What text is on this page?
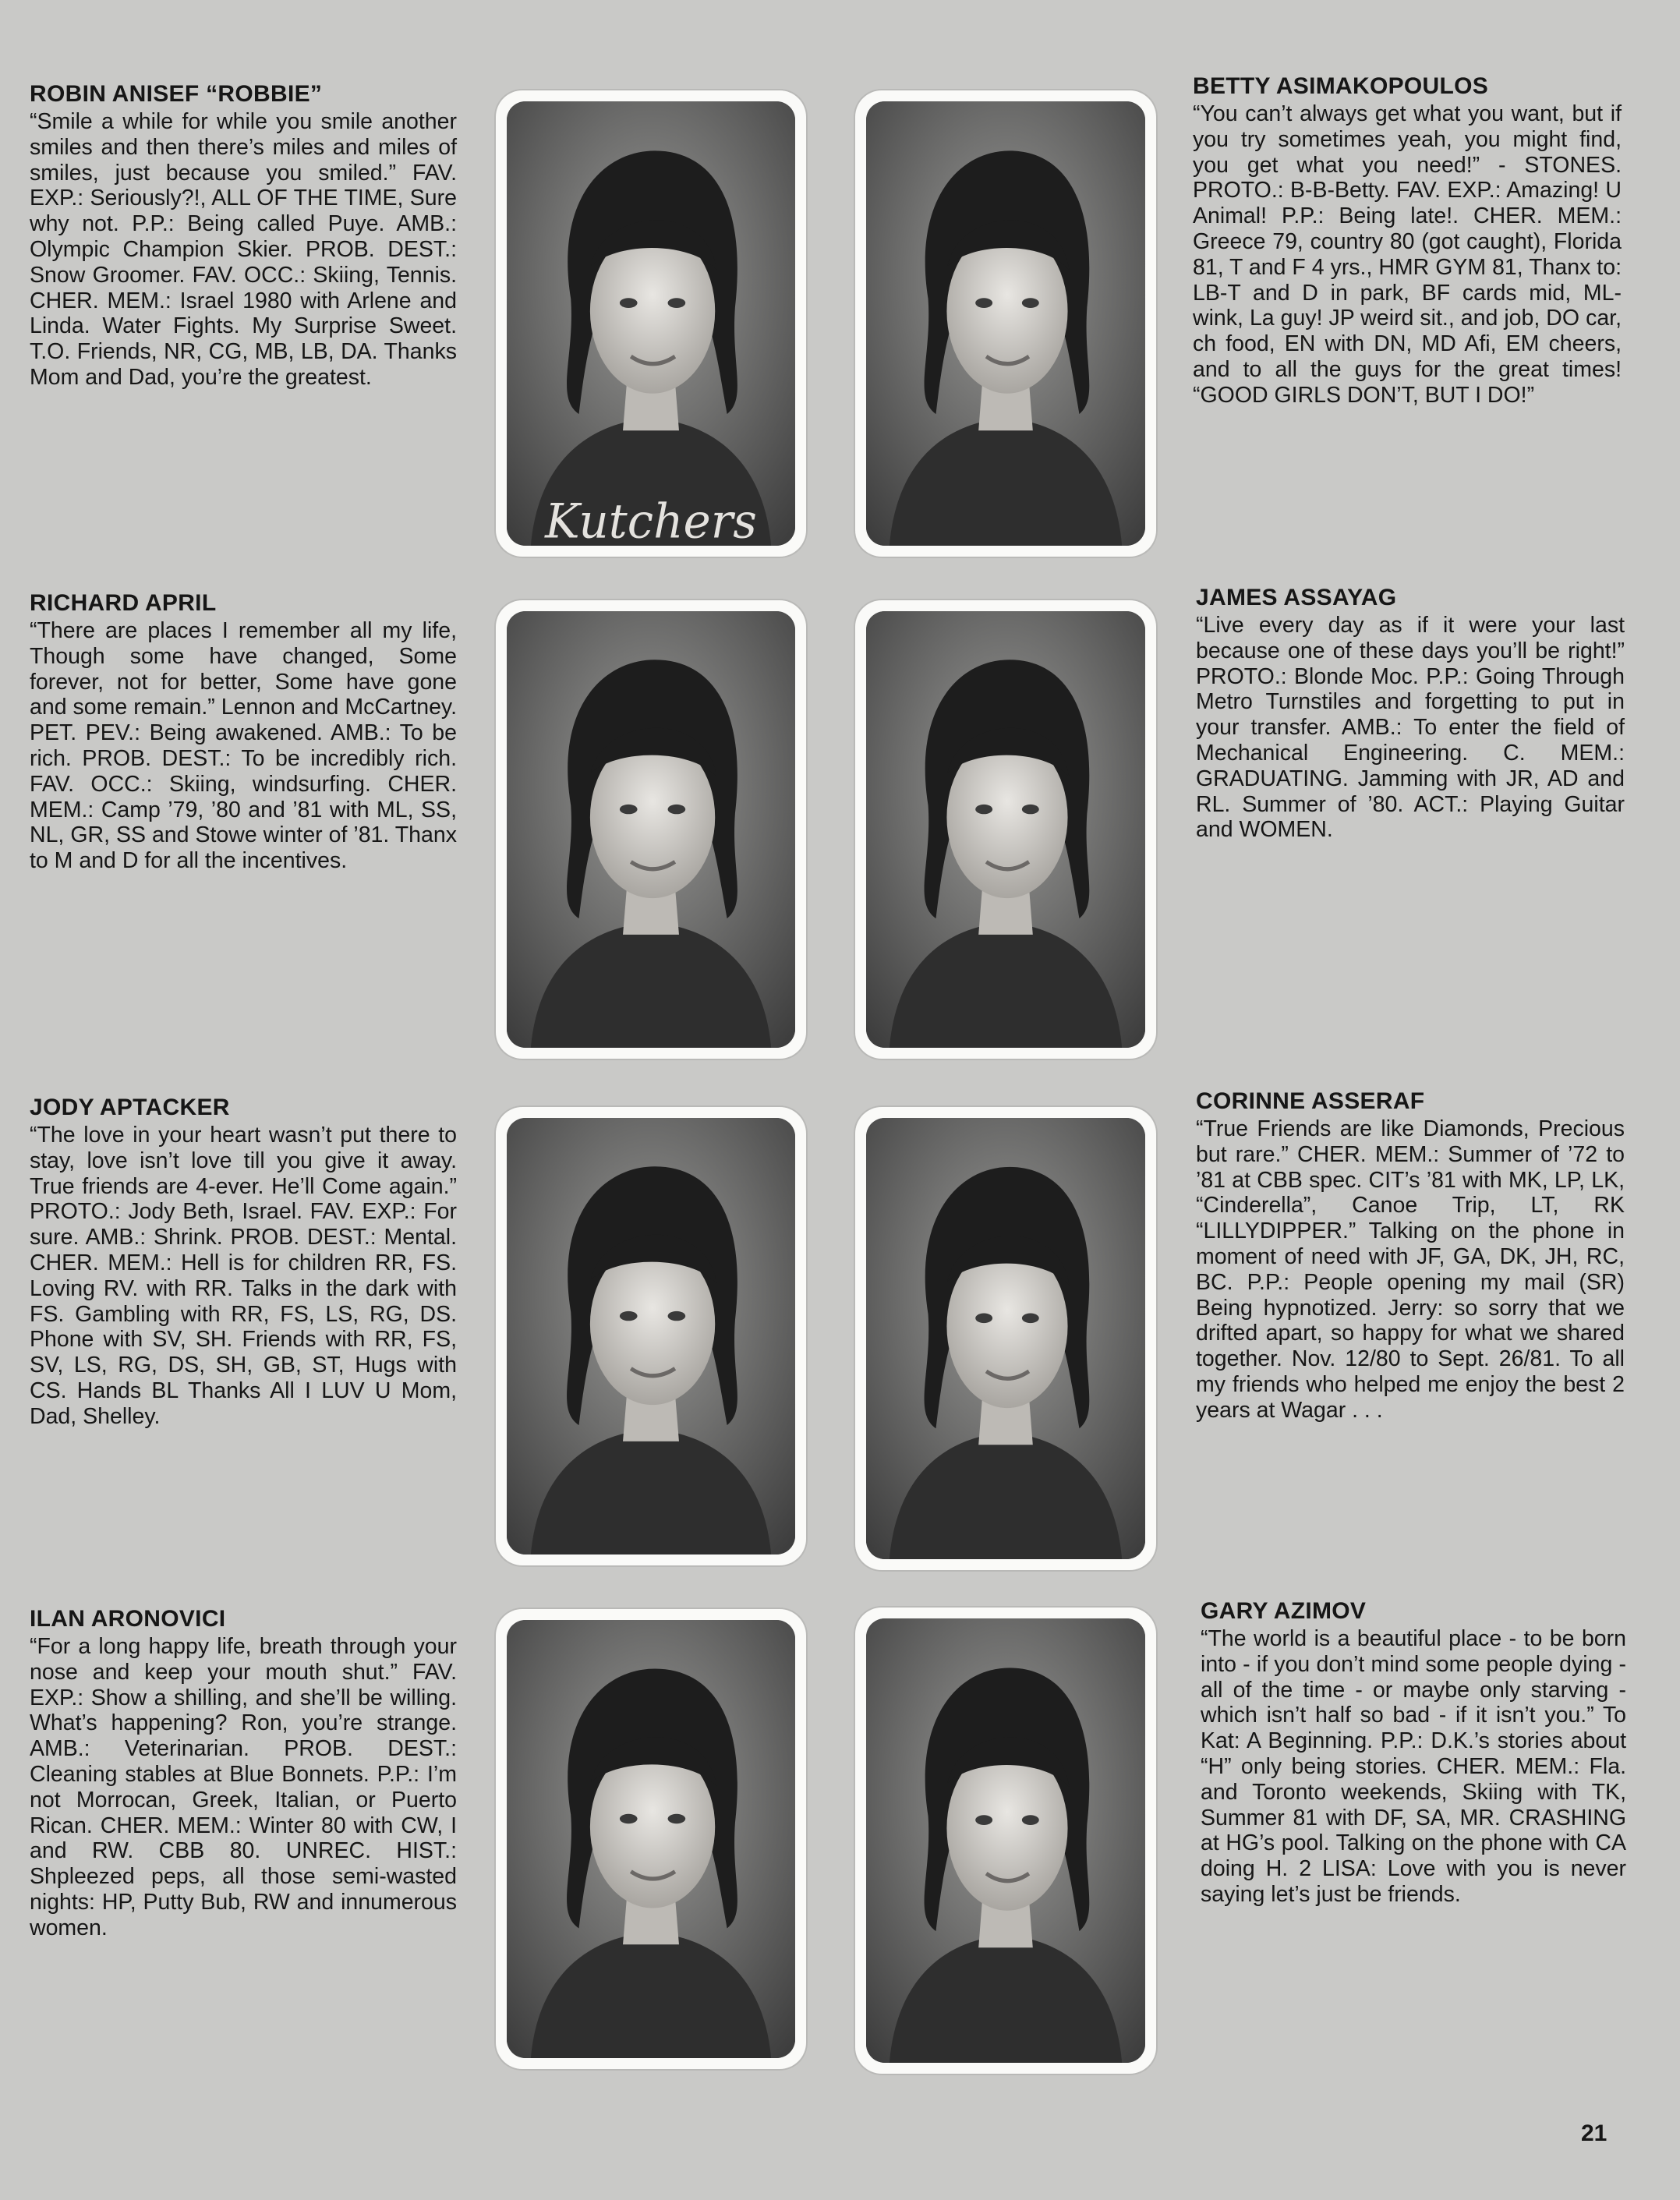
ROBIN ANISEF “ROBBIE”

“Smile a while for while you smile another smiles and then there’s miles and miles of smiles, just because you smiled.” FAV. EXP.: Seriously?!, ALL OF THE TIME, Sure why not. P.P.: Being called Puye. AMB.: Olympic Champion Skier. PROB. DEST.: Snow Groomer. FAV. OCC.: Skiing, Tennis. CHER. MEM.: Israel 1980 with Arlene and Linda. Water Fights. My Surprise Sweet. T.O. Friends, NR, CG, MB, LB, DA. Thanks Mom and Dad, you’re the greatest.

RICHARD APRIL

“There are places I remember all my life, Though some have changed, Some forever, not for better, Some have gone and some remain.” Lennon and McCartney. PET. PEV.: Being awakened. AMB.: To be rich. PROB. DEST.: To be incredibly rich. FAV. OCC.: Skiing, windsurfing. CHER. MEM.: Camp ’79, ’80 and ’81 with ML, SS, NL, GR, SS and Stowe winter of ’81. Thanx to M and D for all the incentives.

JODY APTACKER

“The love in your heart wasn’t put there to stay, love isn’t love till you give it away. True friends are 4-ever. He’ll Come again.” PROTO.: Jody Beth, Israel. FAV. EXP.: For sure. AMB.: Shrink. PROB. DEST.: Mental. CHER. MEM.: Hell is for children RR, FS. Loving RV. with RR. Talks in the dark with FS. Gambling with RR, FS, LS, RG, DS. Phone with SV, SH. Friends with RR, FS, SV, LS, RG, DS, SH, GB, ST, Hugs with CS. Hands BL Thanks All I LUV U Mom, Dad, Shelley.

ILAN ARONOVICI

“For a long happy life, breath through your nose and keep your mouth shut.” FAV. EXP.: Show a shilling, and she’ll be willing. What’s happening? Ron, you’re strange. AMB.: Veterinarian. PROB. DEST.: Cleaning stables at Blue Bonnets. P.P.: I’m not Morrocan, Greek, Italian, or Puerto Rican. CHER. MEM.: Winter 80 with CW, I and RW. CBB 80. UNREC. HIST.: Shpleezed peps, all those semi-wasted nights: HP, Putty Bub, RW and innumerous women.

Kutchers
BETTY ASIMAKOPOULOS

“You can’t always get what you want, but if you try sometimes yeah, you might find, you get what you need!” - STONES. PROTO.: B-B-Betty. FAV. EXP.: Amazing! U Animal! P.P.: Being late!. CHER. MEM.: Greece 79, country 80 (got caught), Florida 81, T and F 4 yrs., HMR GYM 81, Thanx to: LB-T and D in park, BF cards mid, ML-wink, La guy! JP weird sit., and job, DO car, ch food, EN with DN, MD Afi, EM cheers, and to all the guys for the great times! “GOOD GIRLS DON’T, BUT I DO!”

JAMES ASSAYAG

“Live every day as if it were your last because one of these days you’ll be right!” PROTO.: Blonde Moc. P.P.: Going Through Metro Turnstiles and forgetting to put in your transfer. AMB.: To enter the field of Mechanical Engineering. C. MEM.: GRADUATING. Jamming with JR, AD and RL. Summer of ’80. ACT.: Playing Guitar and WOMEN.

CORINNE ASSERAF

“True Friends are like Diamonds, Precious but rare.” CHER. MEM.: Summer of ’72 to ’81 at CBB spec. CIT’s ’81 with MK, LP, LK, “Cinderella”, Canoe Trip, LT, RK “LILLYDIPPER.” Talking on the phone in moment of need with JF, GA, DK, JH, RC, BC. P.P.: People opening my mail (SR) Being hypnotized. Jerry: so sorry that we drifted apart, so happy for what we shared together. Nov. 12/80 to Sept. 26/81. To all my friends who helped me enjoy the best 2 years at Wagar . . .

GARY AZIMOV

“The world is a beautiful place - to be born into - if you don’t mind some people dying - all of the time - or maybe only starving - which isn’t half so bad - if it isn’t you.” To Kat: A Beginning. P.P.: D.K.’s stories about “H” only being stories. CHER. MEM.: Fla. and Toronto weekends, Skiing with TK, Summer 81 with DF, SA, MR. CRASHING at HG’s pool. Talking on the phone with CA doing H. 2 LISA: Love with you is never saying let’s just be friends.

21
